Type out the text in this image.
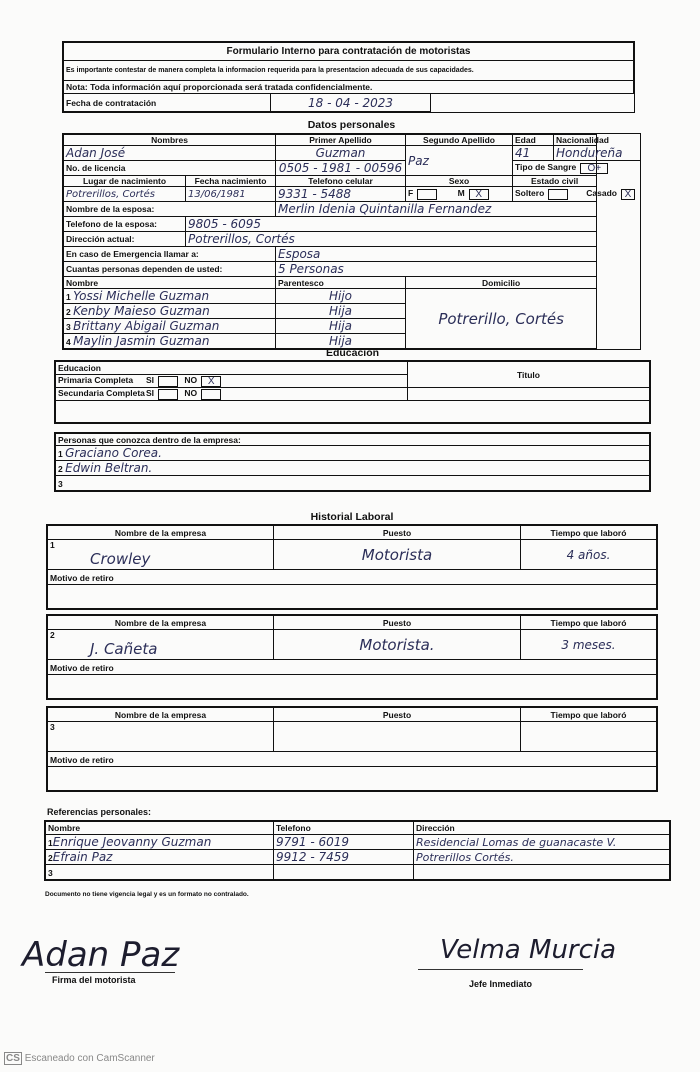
Formulario Interno para contratación de motoristas
Es importante contestar de manera completa la informacion requerida para la presentacion adecuada de sus capacidades.
Nota: Toda información aquí proporcionada será tratada confidencialmente.
Fecha de contratación	18 - 04 - 2023	
Datos personales
Nombres		Primer Apellido	Segundo Apellido	Edad	Nacionalidad	
Adan José		Guzman	Paz	41	Hondureña	
No. de licencia		0505 - 1981 - 00596		Tipo de Sangre O+		
Lugar de nacimiento	Fecha nacimiento	Telefono celular	Sexo	Estado civil		
Potrerillos, Cortés	13/06/1981	9331 - 5488	F M X	Soltero Casado X		
Nombre de la esposa:		Merlin Idenia Quintanilla Fernandez				
Telefono de la esposa:	9805 - 6095					
Dirección actual:	Potrerillos, Cortés					
En caso de Emergencia llamar a:		Esposa				
Cuantas personas dependen de usted:		5 Personas				
Nombre		Parentesco	Domicilio			
1 Yossi Michelle Guzman		Hijo	Potrerillo, Cortés			
2 Kenby Maieso Guzman		Hija				
3 Brittany Abigail Guzman		Hija				
4 Maylin Jasmin Guzman		Hija				
Educacion
Educacion	Titulo
Primaria Completa SI NO X	
Secundaria CompletaSI NO	

Personas que conozca dentro de la empresa:
1 Graciano Corea.
2 Edwin Beltran.
3
Historial Laboral
Nombre de la empresa	Puesto	Tiempo que laboró
1
Crowley	Motorista	4 años.
Motivo de retiro		

Nombre de la empresa	Puesto	Tiempo que laboró
2
J. Cañeta	Motorista.	3 meses.
Motivo de retiro		

Nombre de la empresa	Puesto	Tiempo que laboró
3

Motivo de retiro		

Referencias personales:
Nombre	Telefono	Dirección
1Enrique Jeovanny Guzman	9791 - 6019	Residencial Lomas de guanacaste V.
2Efrain Paz	9912 - 7459	Potrerillos Cortés.
3		
Documento no tiene vigencia legal y es un formato no contralado.
Adan Paz
Firma del motorista
Velma Murcia
Jefe Inmediato
CS Escaneado con CamScanner
